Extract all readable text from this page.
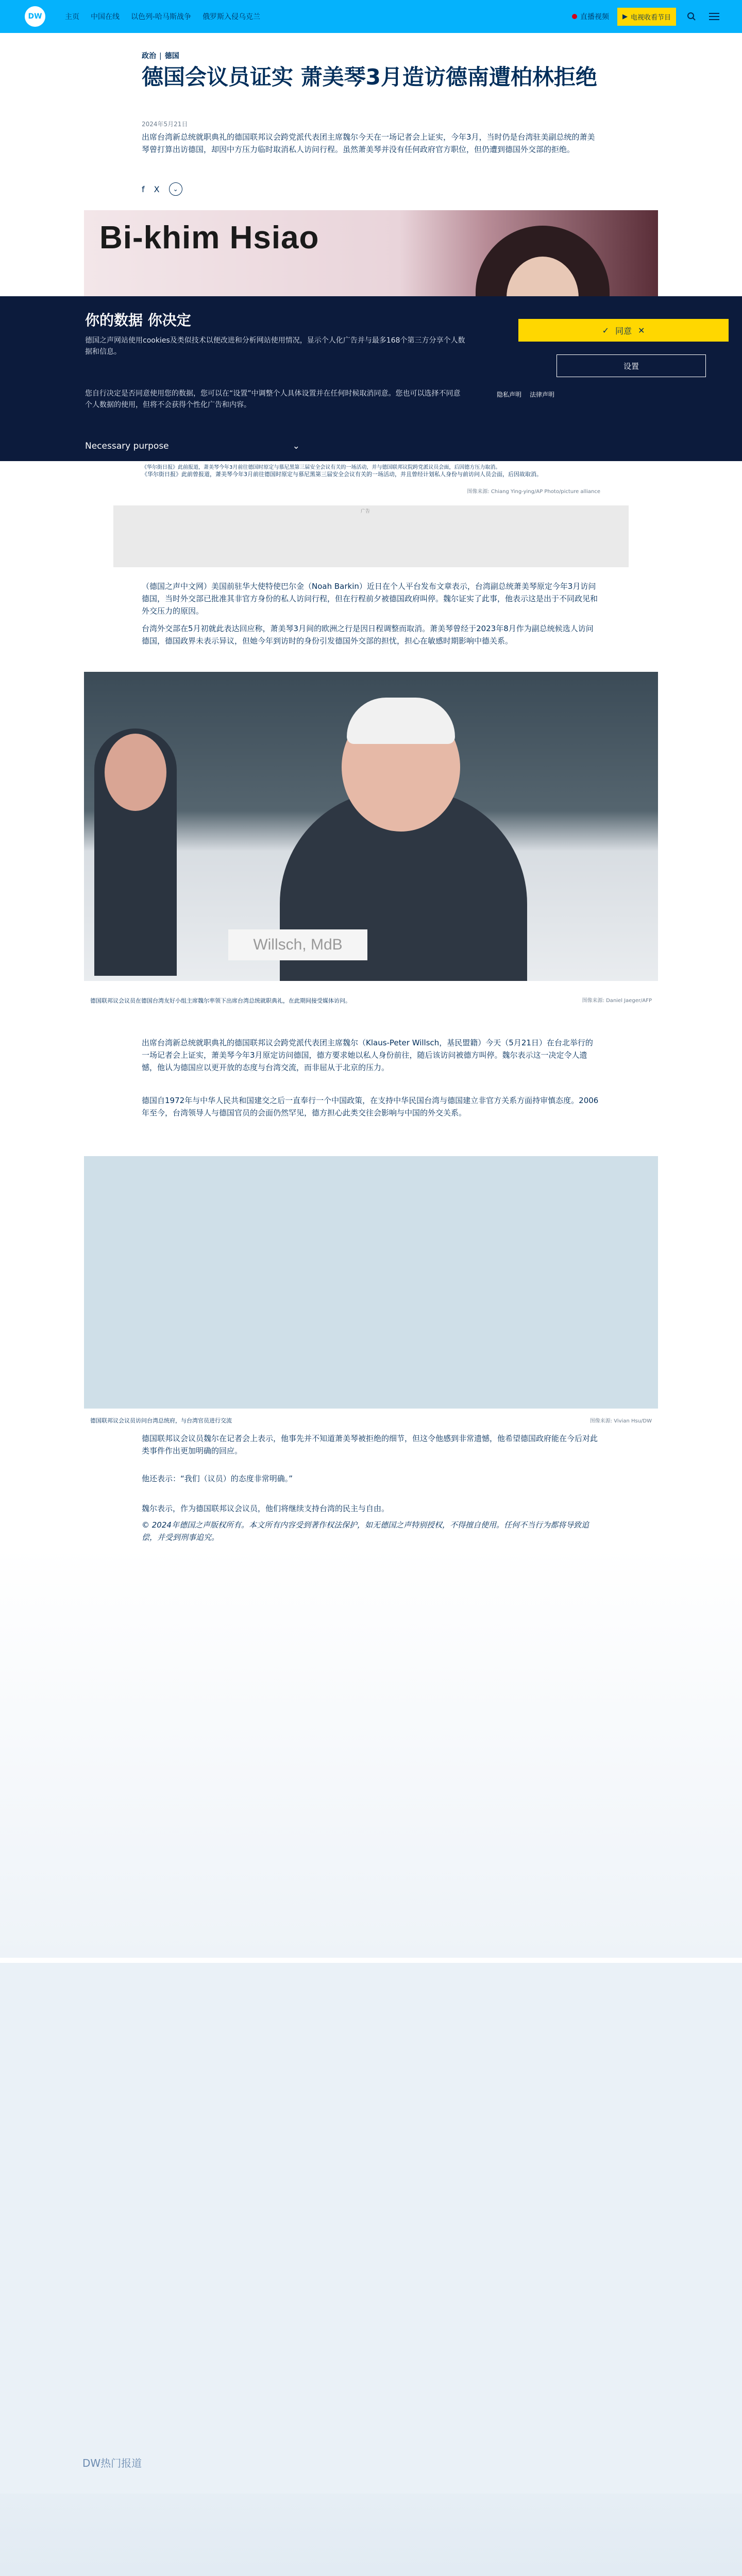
DW	主页 中国在线 以色列-哈马斯战争 俄罗斯入侵乌克兰	直播视频 ▶ 电视收看节目
政治 | 德国
德国会议员证实 萧美琴3月造访德南遭柏林拒绝
2024年5月21日

出席台湾新总统就职典礼的德国联邦议会跨党派代表团主席魏尔今天在一场记者会上证实，今年3月，当时仍是台湾驻美副总统的萧美琴曾打算出访德国，却因中方压力临时取消私人访问行程。虽然萧美琴并没有任何政府官方职位，但仍遭到德国外交部的拒绝。

f X	⌄
Bi-khim Hsiao
《华尔街日报》此前曾报道，萧美琴今年3月前往德国时原定与慕尼黑第三届安全会议有关的一场活动，并且曾经计划私人身份与前访问人员会面，后因故取消。
图像来源: Chiang Ying-ying/AP Photo/picture alliance
广告

（德国之声中文网）美国前驻华大使特使巴尔金（Noah Barkin）近日在个人平台发布文章表示，台湾副总统萧美琴原定今年3月访问德国，当时外交部已批准其非官方身份的私人访问行程，但在行程前夕被德国政府叫停。魏尔证实了此事，他表示这是出于不同政见和外交压力的原因。

台湾外交部在5月初就此表达回应称，萧美琴3月间的欧洲之行是因日程调整而取消。萧美琴曾经于2023年8月作为副总统候选人访问德国，德国政界未表示异议，但她今年到访时的身份引发德国外交部的担忧，担心在敏感时期影响中德关系。

Willsch, MdB
德国联邦议会议员在德国台湾友好小组主席魏尔率领下出席台湾总统就职典礼，在此期间接受媒体访问。	图像来源: Daniel Jaeger/AFP

出席台湾新总统就职典礼的德国联邦议会跨党派代表团主席魏尔（Klaus-Peter Willsch，基民盟籍）今天（5月21日）在台北举行的一场记者会上证实，萧美琴今年3月原定访问德国，德方要求她以私人身份前往，随后该访问被德方叫停。魏尔表示这一决定令人遗憾，他认为德国应以更开放的态度与台湾交流，而非屈从于北京的压力。

德国自1972年与中华人民共和国建交之后一直奉行一个中国政策，在支持中华民国台湾与德国建立非官方关系方面持审慎态度。2006年至今，台湾领导人与德国官员的会面仍然罕见，德方担心此类交往会影响与中国的外交关系。

德国联邦议会议员访问台湾总统府，与台湾官员进行交流	图像来源: Vivian Hsu/DW

德国联邦议会议员魏尔在记者会上表示，他事先并不知道萧美琴被拒绝的细节，但这令他感到非常遗憾，他希望德国政府能在今后对此类事件作出更加明确的回应。

他还表示：“我们（议员）的态度非常明确。”

魏尔表示，作为德国联邦议会议员，他们将继续支持台湾的民主与自由。

© 2024年德国之声版权所有。本文所有内容受到著作权法保护，如无德国之声特别授权，不得擅自使用。任何不当行为都将导致追偿，并受到刑事追究。

DW热门报道
你的数据 你决定
德国之声网站使用cookies及类似技术以便改进和分析网站使用情况，显示个人化广告并与最多168个第三方分享个人数据和信息。
您自行决定是否同意使用您的数据，您可以在“设置”中调整个人具体设置并在任何时候取消同意。您也可以选择不同意个人数据的使用，但将不会获得个性化广告和内容。
✓ 同意 ✕
设置
隐私声明 法律声明
Necessary purpose	⌄
《华尔街日报》此前报道，萧美琴今年3月前往德国时原定与慕尼黑第三届安全会议有关的一场活动，并与德国联邦议院跨党派议员会面，后因德方压力取消。
